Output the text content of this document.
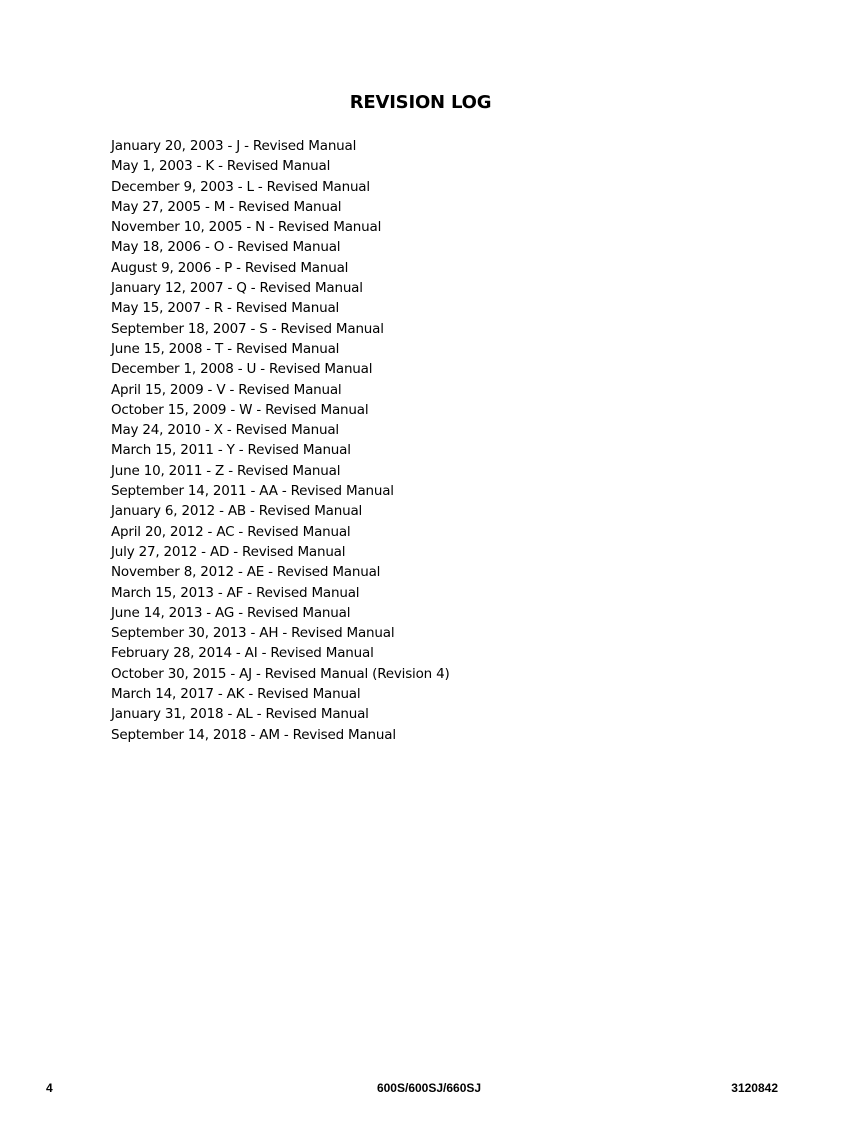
REVISION LOG
January 20, 2003 - J - Revised Manual
May 1, 2003 - K - Revised Manual
December 9, 2003 - L - Revised Manual
May 27, 2005 - M - Revised Manual
November 10, 2005 - N - Revised Manual
May 18, 2006 - O - Revised Manual
August 9, 2006 - P - Revised Manual
January 12, 2007 - Q - Revised Manual
May 15, 2007 - R - Revised Manual
September 18, 2007 - S - Revised Manual
June 15, 2008 - T - Revised Manual
December 1, 2008 - U - Revised Manual
April 15, 2009 - V - Revised Manual
October 15, 2009 - W - Revised Manual
May 24, 2010 - X - Revised Manual
March 15, 2011 - Y - Revised Manual
June 10, 2011 - Z - Revised Manual
September 14, 2011 - AA - Revised Manual
January 6, 2012 - AB - Revised Manual
April 20, 2012 - AC - Revised Manual
July 27, 2012 - AD - Revised Manual
November 8, 2012 - AE - Revised Manual
March 15, 2013 - AF - Revised Manual
June 14, 2013 - AG - Revised Manual
September 30, 2013 - AH - Revised Manual
February 28, 2014 - AI - Revised Manual
October 30, 2015 - AJ - Revised Manual (Revision 4)
March 14, 2017 - AK - Revised Manual
January 31, 2018 - AL - Revised Manual
September 14, 2018 - AM - Revised Manual
4	600S/600SJ/660SJ	3120842
